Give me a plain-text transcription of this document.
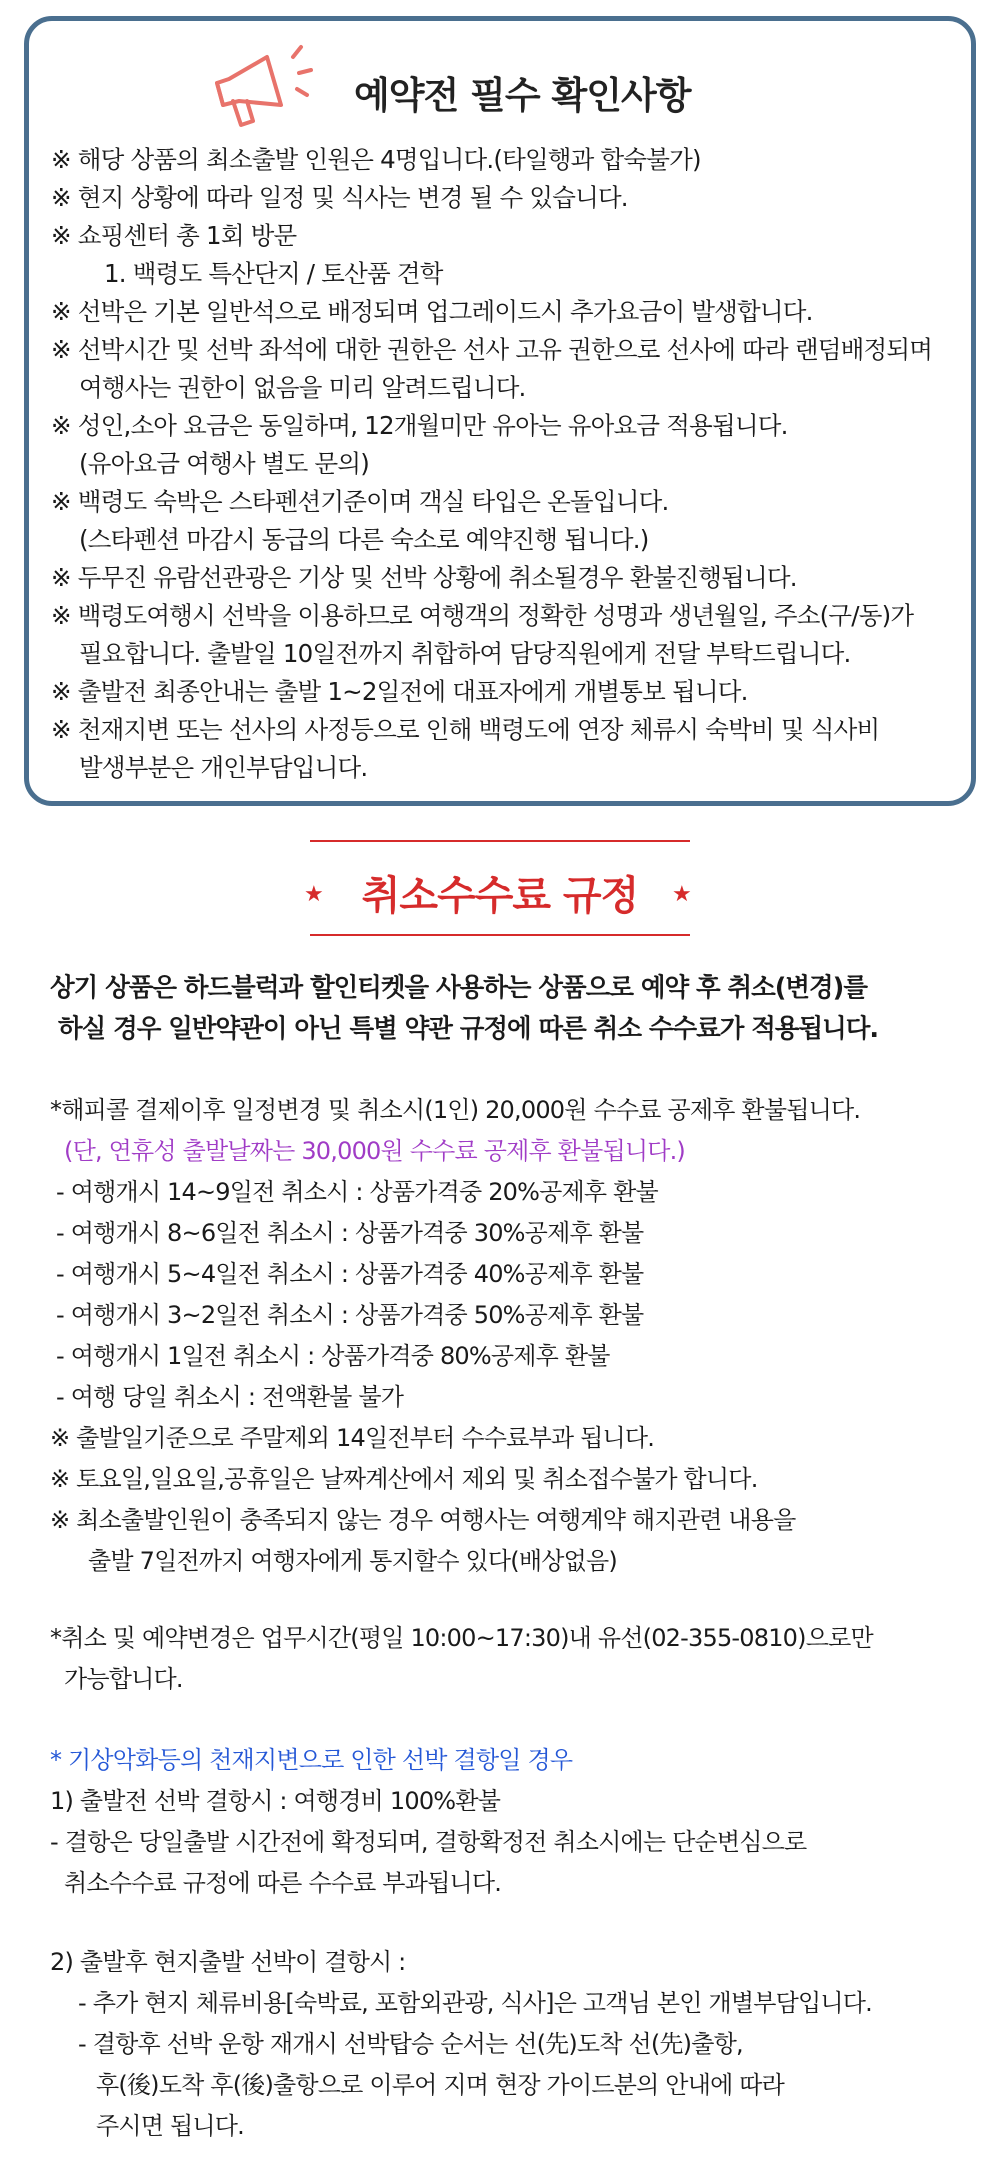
예약전 필수 확인사항
※ 해당 상품의 최소출발 인원은 4명입니다.(타일행과 합숙불가)
※ 현지 상황에 따라 일정 및 식사는 변경 될 수 있습니다.
※ 쇼핑센터 총 1회 방문
1. 백령도 특산단지 / 토산품 견학
※ 선박은 기본 일반석으로 배정되며 업그레이드시 추가요금이 발생합니다.
※ 선박시간 및 선박 좌석에 대한 권한은 선사 고유 권한으로 선사에 따라 랜덤배정되며
여행사는 권한이 없음을 미리 알려드립니다.
※ 성인,소아 요금은 동일하며, 12개월미만 유아는 유아요금 적용됩니다.
(유아요금 여행사 별도 문의)
※ 백령도 숙박은 스타펜션기준이며 객실 타입은 온돌입니다.
(스타펜션 마감시 동급의 다른 숙소로 예약진행 됩니다.)
※ 두무진 유람선관광은 기상 및 선박 상황에 취소될경우 환불진행됩니다.
※ 백령도여행시 선박을 이용하므로 여행객의 정확한 성명과 생년월일, 주소(구/동)가
필요합니다. 출발일 10일전까지 취합하여 담당직원에게 전달 부탁드립니다.
※ 출발전 최종안내는 출발 1~2일전에 대표자에게 개별통보 됩니다.
※ 천재지변 또는 선사의 사정등으로 인해 백령도에 연장 체류시 숙박비 및 식사비
발생부분은 개인부담입니다.
★ 취소수수료 규정	★
상기 상품은 하드블럭과 할인티켓을 사용하는 상품으로 예약 후 취소(변경)를
하실 경우 일반약관이 아닌 특별 약관 규정에 따른 취소 수수료가 적용됩니다.
*해피콜 결제이후 일정변경 및 취소시(1인) 20,000원 수수료 공제후 환불됩니다.
(단, 연휴성 출발날짜는 30,000원 수수료 공제후 환불됩니다.)
- 여행개시 14~9일전 취소시 : 상품가격중 20%공제후 환불
- 여행개시 8~6일전 취소시 : 상품가격중 30%공제후 환불
- 여행개시 5~4일전 취소시 : 상품가격중 40%공제후 환불
- 여행개시 3~2일전 취소시 : 상품가격중 50%공제후 환불
- 여행개시 1일전 취소시 : 상품가격중 80%공제후 환불
- 여행 당일 취소시 : 전액환불 불가
※ 출발일기준으로 주말제외 14일전부터 수수료부과 됩니다.
※ 토요일,일요일,공휴일은 날짜계산에서 제외 및 취소접수불가 합니다.
※ 최소출발인원이 충족되지 않는 경우 여행사는 여행계약 해지관련 내용을
출발 7일전까지 여행자에게 통지할수 있다(배상없음)
*취소 및 예약변경은 업무시간(평일 10:00~17:30)내 유선(02-355-0810)으로만
가능합니다.
* 기상악화등의 천재지변으로 인한 선박 결항일 경우
1) 출발전 선박 결항시 : 여행경비 100%환불
- 결항은 당일출발 시간전에 확정되며, 결항확정전 취소시에는 단순변심으로
취소수수료 규정에 따른 수수료 부과됩니다.
2) 출발후 현지출발 선박이 결항시 :
- 추가 현지 체류비용[숙박료, 포함외관광, 식사]은 고객님 본인 개별부담입니다.
- 결항후 선박 운항 재개시 선박탑승 순서는 선(先)도착 선(先)출항,
후(後)도착 후(後)출항으로 이루어 지며 현장 가이드분의 안내에 따라
주시면 됩니다.
